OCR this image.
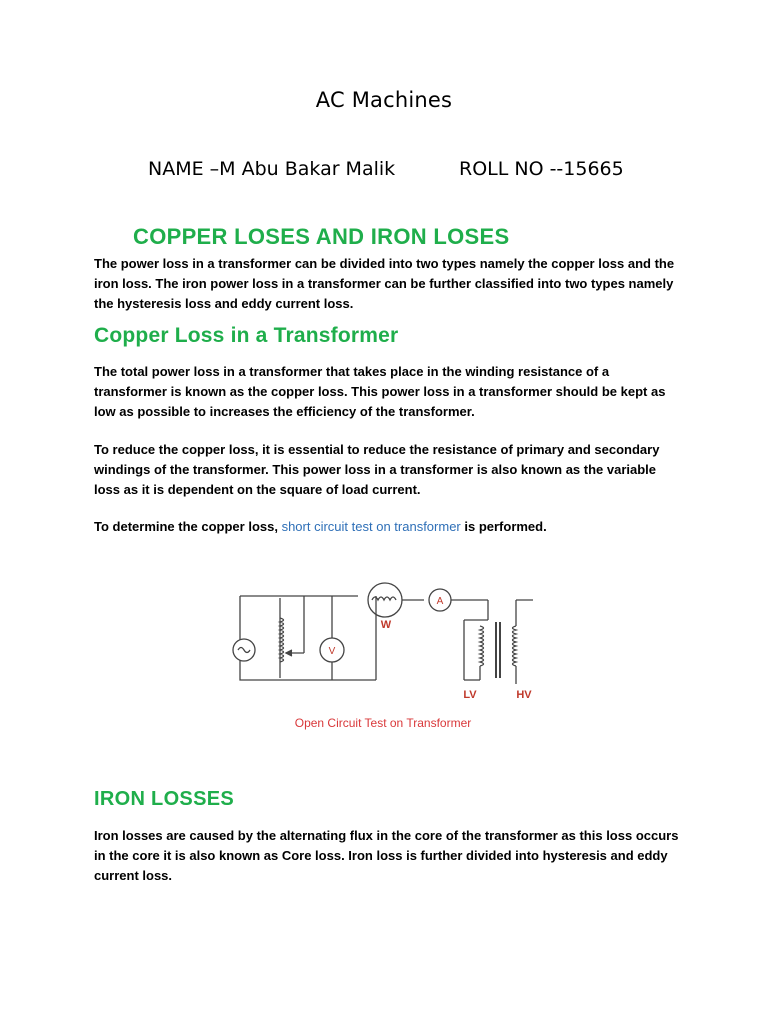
AC Machines
NAME –M Abu Bakar Malik	ROLL NO --15665
COPPER LOSES AND IRON LOSES

The power loss in a transformer can be divided into two types namely the copper loss and the iron loss. The iron power loss in a transformer can be further classified into two types namely the hysteresis loss and eddy current loss.

Copper Loss in a Transformer

The total power loss in a transformer that takes place in the winding resistance of a transformer is known as the copper loss. This power loss in a transformer should be kept as low as possible to increases the efficiency of the transformer.

To reduce the copper loss, it is essential to reduce the resistance of primary and secondary windings of the transformer. This power loss in a transformer is also known as the variable loss as it is dependent on the square of load current.

To determine the copper loss, short circuit test on transformer is performed.

V
A
W
LV	HV
Open Circuit Test on Transformer
IRON LOSSES

Iron losses are caused by the alternating flux in the core of the transformer as this loss occurs in the core it is also known as Core loss. Iron loss is further divided into hysteresis and eddy current loss.
